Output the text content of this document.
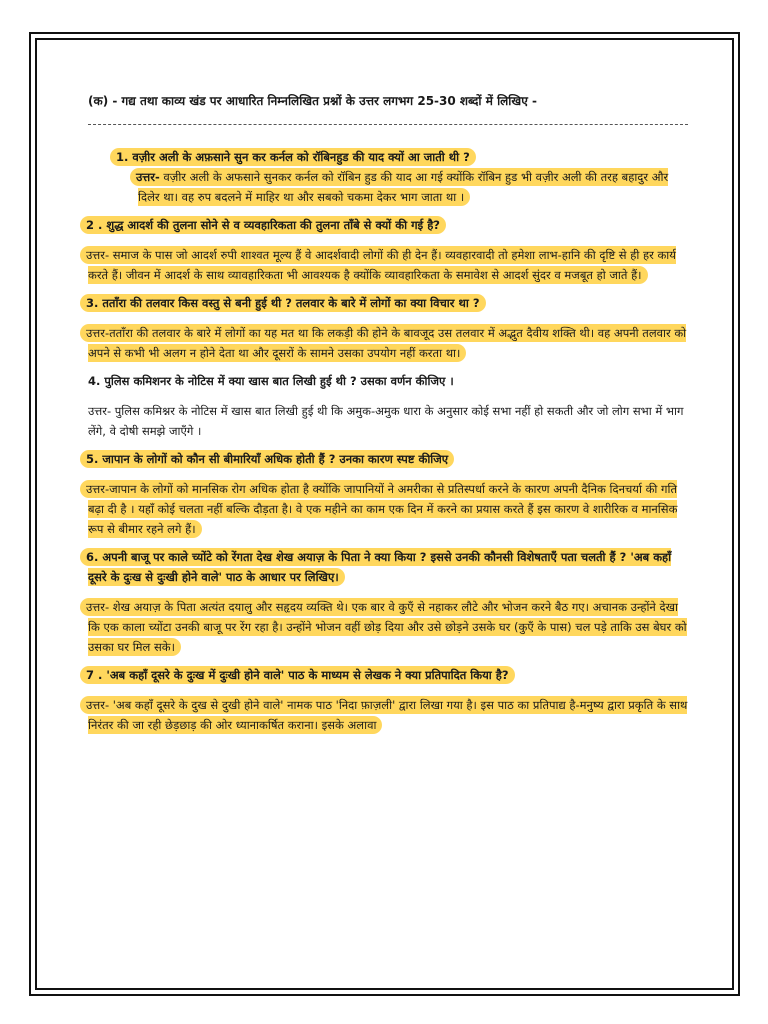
(क) - गद्य तथा काव्य खंड पर आधारित निम्नलिखित प्रश्नों के उत्तर लगभग 25-30 शब्दों में लिखिए -

1. वज़ीर अली के अफ़साने सुन कर कर्नल को रॉबिनहुड की याद क्यों आ जाती थी ?

उत्तर- वज़ीर अली के अफसाने सुनकर कर्नल को रॉबिन हुड की याद आ गई क्योंकि रॉबिन हुड भी वज़ीर अली की तरह बहादुर और दिलेर था। वह रुप बदलने में माहिर था और सबको चकमा देकर भाग जाता था ।

2 . शुद्ध आदर्श की तुलना सोने से व व्यवहारिकता की तुलना ताँबे से क्यों की गई है?

उत्तर- समाज के पास जो आदर्श रुपी शाश्वत मूल्य हैं वे आदर्शवादी लोगों की ही देन हैं। व्यवहारवादी तो हमेशा लाभ-हानि की दृष्टि से ही हर कार्य करते हैं। जीवन में आदर्श के साथ व्यावहारिकता भी आवश्यक है क्योंकि व्यावहारिकता के समावेश से आदर्श सुंदर व मजबूत हो जाते हैं।

3. तताँरा की तलवार किस वस्तु से बनी हुई थी ? तलवार के बारे में लोगों का क्या विचार था ?

उत्तर-तताँरा की तलवार के बारे में लोगों का यह मत था कि लकड़ी की होने के बावजूद उस तलवार में अद्भुत दैवीय शक्ति थी। वह अपनी तलवार को अपने से कभी भी अलग न होने देता था और दूसरों के सामने उसका उपयोग नहीं करता था।

4. पुलिस कमिशनर के नोटिस में क्या खास बात लिखी हुई थी ? उसका वर्णन कीजिए ।

उत्तर- पुलिस कमिश्नर के नोटिस में खास बात लिखी हुई थी कि अमुक-अमुक धारा के अनुसार कोई सभा नहीं हो सकती और जो लोग सभा में भाग लेंगे, वे दोषी समझे जाएँगे ।

5. जापान के लोगों को कौन सी बीमारियाँ अधिक होती हैं ? उनका कारण स्पष्ट कीजिए

उत्तर-जापान के लोगों को मानसिक रोग अधिक होता है क्योंकि जापानियों ने अमरीका से प्रतिस्पर्धा करने के कारण अपनी दैनिक दिनचर्या की गति बढ़ा दी है । यहाँ कोई चलता नहीं बल्कि दौड़ता है। वे एक महीने का काम एक दिन में करने का प्रयास करते हैं इस कारण वे शारीरिक व मानसिक रूप से बीमार रहने लगे हैं।

6. अपनी बाजू पर काले च्योंटे को रेंगता देख शेख अयाज़ के पिता ने क्या किया ? इससे उनकी कौनसी विशेषताएँ पता चलती हैं ? 'अब कहाँ दूसरे के दुःख से दुःखी होने वाले' पाठ के आधार पर लिखिए।

उत्तर- शेख अयाज़ के पिता अत्यंत दयालु और सहृदय व्यक्ति थे। एक बार वे कुएँ से नहाकर लौटे और भोजन करने बैठ गए। अचानक उन्होंने देखा कि एक काला च्योंटा उनकी बाजू पर रेंग रहा है। उन्होंने भोजन वहीं छोड़ दिया और उसे छोड़ने उसके घर (कुएँ के पास) चल पड़े ताकि उस बेघर को उसका घर मिल सके।

7 . 'अब कहाँ दूसरे के दुःख में दुःखी होने वाले' पाठ के माध्यम से लेखक ने क्या प्रतिपादित किया है?

उत्तर- 'अब कहाँ दूसरे के दुख से दुखी होने वाले' नामक पाठ 'निदा फ़ाज़ली' द्वारा लिखा गया है। इस पाठ का प्रतिपाद्य है-मनुष्य द्वारा प्रकृति के साथ निरंतर की जा रही छेड़छाड़ की ओर ध्यानाकर्षित कराना। इसके अलावा
